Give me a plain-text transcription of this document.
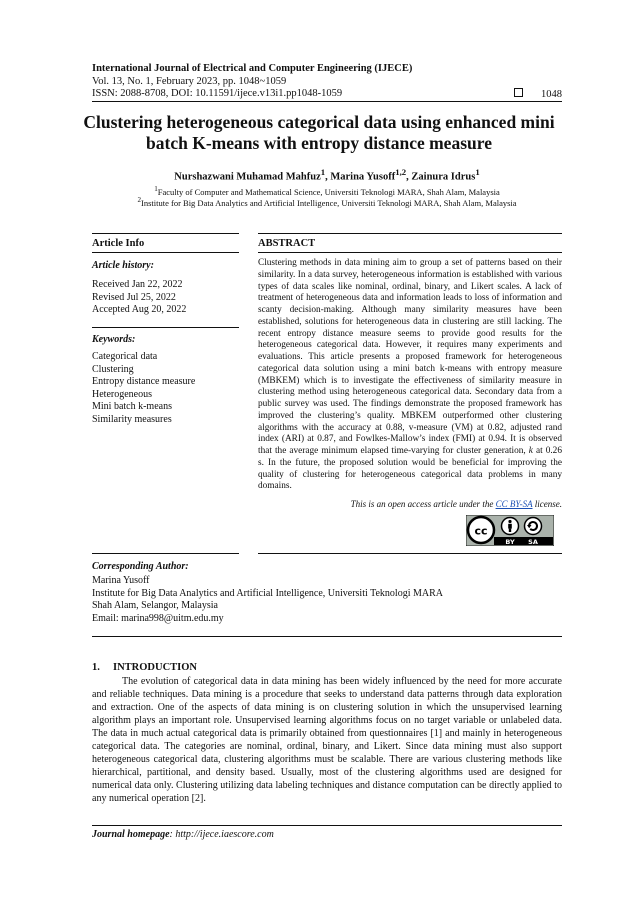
International Journal of Electrical and Computer Engineering (IJECE)
Vol. 13, No. 1, February 2023, pp. 1048~1059
ISSN: 2088-8708, DOI: 10.11591/ijece.v13i1.pp1048-1059	1048
Clustering heterogeneous categorical data using enhanced mini batch K-means with entropy distance measure
Nurshazwani Muhamad Mahfuz$^1$, Marina Yusoff$^{1,2}$, Zainura Idrus$^1$
$^1$Faculty of Computer and Mathematical Science, Universiti Teknologi MARA, Shah Alam, Malaysia
$^2$Institute for Big Data Analytics and Artificial Intelligence, Universiti Teknologi MARA, Shah Alam, Malaysia
Article Info	ABSTRACT
Article history:
Received Jan 22, 2022
Revised Jul 25, 2022
Accepted Aug 20, 2022
Keywords:
Categorical data
Clustering
Entropy distance measure
Heterogeneous
Mini batch k-means
Similarity measures
Clustering methods in data mining aim to group a set of patterns based on their similarity. In a data survey, heterogeneous information is established with various types of data scales like nominal, ordinal, binary, and Likert scales. A lack of treatment of heterogeneous data and information leads to loss of information and scanty decision-making. Although many similarity measures have been established, solutions for heterogeneous data in clustering are still lacking. The recent entropy distance measure seems to provide good results for the heterogeneous categorical data. However, it requires many experiments and evaluations. This article presents a proposed framework for heterogeneous categorical data solution using a mini batch k-means with entropy measure (MBKEM) which is to investigate the effectiveness of similarity measure in clustering method using heterogeneous categorical data. Secondary data from a public survey was used. The findings demonstrate the proposed framework has improved the clustering’s quality. MBKEM outperformed other clustering algorithms with the accuracy at 0.88, v-measure (VM) at 0.82, adjusted rand index (ARI) at 0.87, and Fowlkes-Mallow’s index (FMI) at 0.94. It is observed that the average minimum elapsed time-varying for cluster generation, k at 0.26 s. In the future, the proposed solution would be beneficial for improving the quality of clustering for heterogeneous categorical data problems in many domains.
This is an open access article under the CC BY-SA license.
cc
BY SA
Corresponding Author:
Marina Yusoff
Institute for Big Data Analytics and Artificial Intelligence, Universiti Teknologi MARA
Shah Alam, Selangor, Malaysia
Email: marina998@uitm.edu.my
1.     INTRODUCTION
The evolution of categorical data in data mining has been widely influenced by the need for more accurate and reliable techniques. Data mining is a procedure that seeks to understand data patterns through data exploration and extraction. One of the aspects of data mining is on clustering solution in which the unsupervised learning algorithm plays an important role. Unsupervised learning algorithms focus on no target variable or unlabeled data. The data in much actual categorical data is primarily obtained from questionnaires [1] and mainly in heterogeneous categorical data. The categories are nominal, ordinal, binary, and Likert. Since data mining must also support heterogeneous categorical data, clustering algorithms must be scalable. There are various clustering methods like hierarchical, partitional, and density based. Usually, most of the clustering algorithms used are designed for numerical data only. Clustering utilizing data labeling techniques and distance computation can be directly applied to any numerical operation [2].
Journal homepage: http://ijece.iaescore.com
